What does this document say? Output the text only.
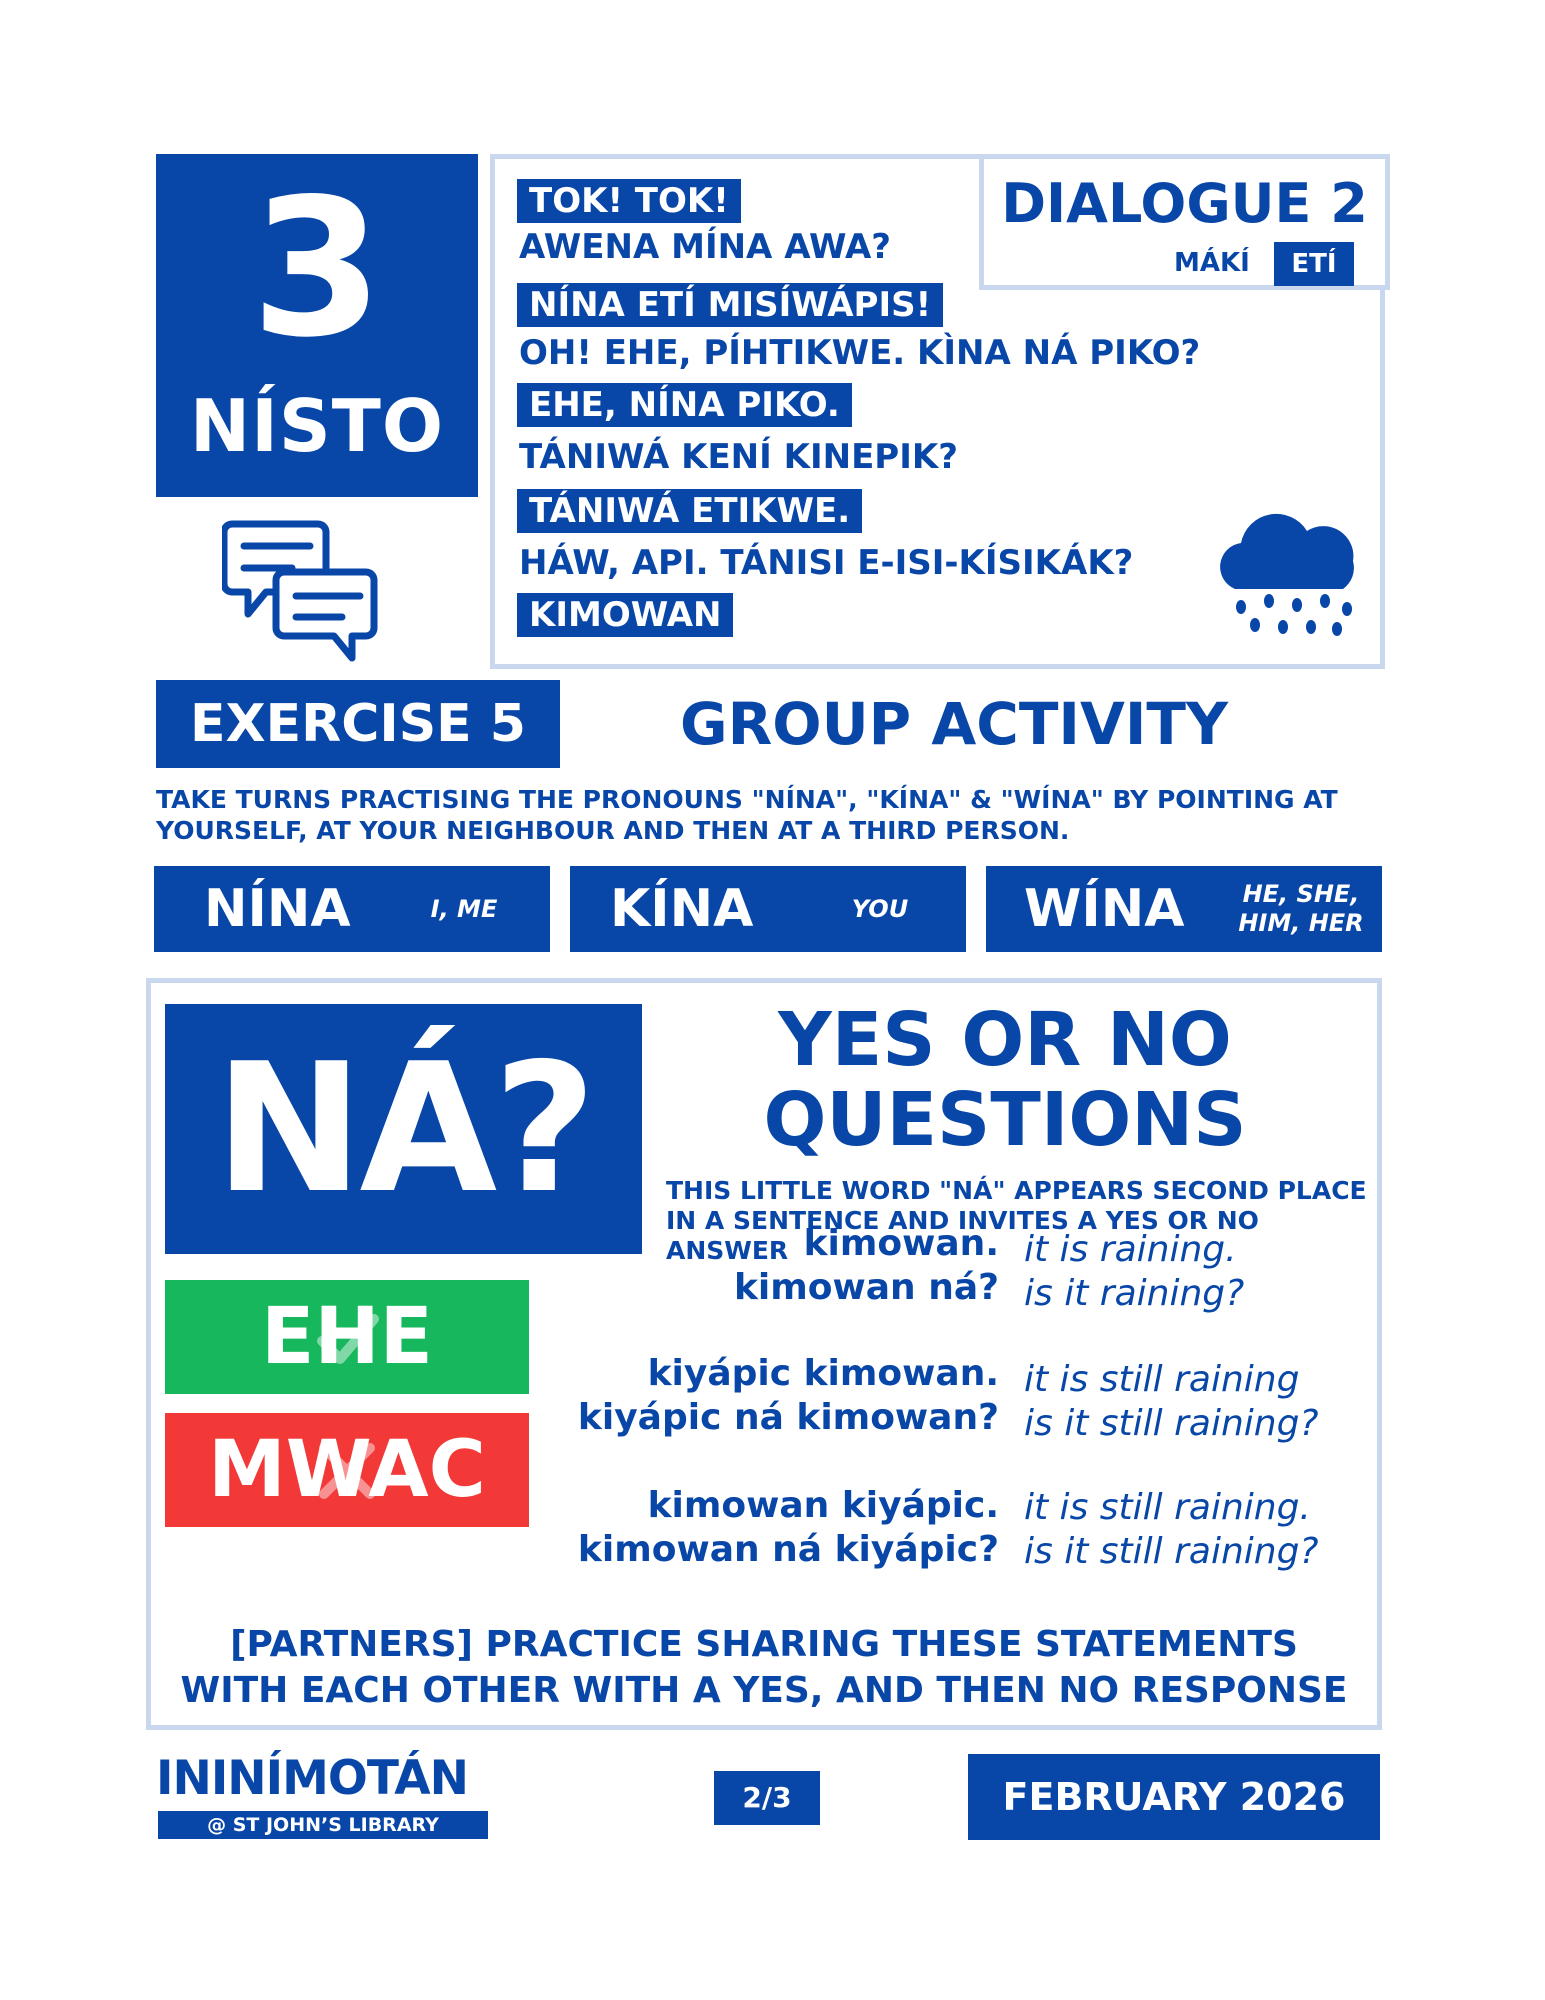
3
NÍSTO
TOK! TOK!
AWENA MÍNA AWA?
NÍNA ETÍ MISÍWÁPIS!
OH! EHE, PÍHTIKWE. KÌNA NÁ PIKO?
EHE, NÍNA PIKO.
TÁNIWÁ KENÍ KINEPIK?
TÁNIWÁ ETIKWE.
HÁW, API. TÁNISI E-ISI-KÍSIKÁK?
KIMOWAN
DIALOGUE 2
MÁKÍ	ETÍ
EXERCISE 5	GROUP ACTIVITY
TAKE TURNS PRACTISING THE PRONOUNS "NÍNA", "KÍNA" & "WÍNA" BY POINTING AT YOURSELF, AT YOUR NEIGHBOUR AND THEN AT A THIRD PERSON.
NÍNA	I, ME	KÍNA	YOU	WÍNA	HE, SHE, HIM, HER
NÁ?	YES OR NO
QUESTIONS
THIS LITTLE WORD "NÁ" APPEARS SECOND PLACE IN A SENTENCE AND INVITES A YES OR NO ANSWER
EHE
MWAC
kimowan. it is raining.
kimowan ná? is it raining?
kiyápic kimowan. it is still raining
kiyápic ná kimowan? is it still raining?
kimowan kiyápic. it is still raining.
kimowan ná kiyápic? is it still raining?
[PARTNERS] PRACTICE SHARING THESE STATEMENTS
WITH EACH OTHER WITH A YES, AND THEN NO RESPONSE
ININÍMOTÁN
@ ST JOHN’S LIBRARY
2/3	FEBRUARY 2026
